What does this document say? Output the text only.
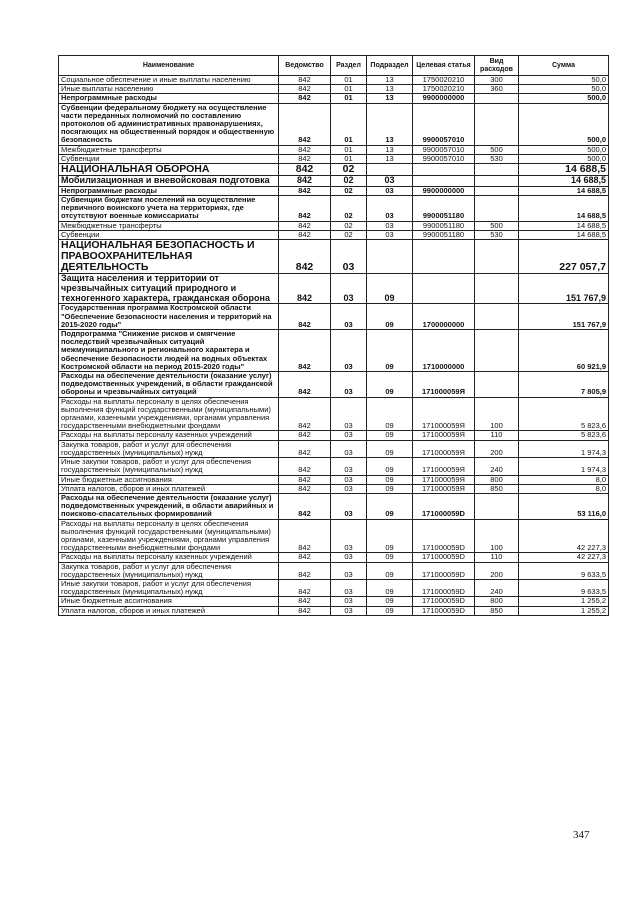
Наименование	Ведомство	Раздел	Подраздел	Целевая статья	Вид расходов	Сумма
Социальное обеспечение и иные выплаты населению	842	01	13	1750020210	300	50,0
Иные выплаты населению	842	01	13	1750020210	360	50,0
Непрограммные расходы	842	01	13	9900000000		500,0
Субвенции федеральному бюджету на осуществление части переданных полномочий по составлению протоколов об административных правонарушениях, посягающих на общественный порядок и общественную безопасность	842	01	13	9900057010		500,0
Межбюджетные трансферты	842	01	13	9900057010	500	500,0
Субвенции	842	01	13	9900057010	530	500,0
НАЦИОНАЛЬНАЯ ОБОРОНА	842	02				14 688,5
Мобилизационная и вневойсковая подготовка	842	02	03			14 688,5
Непрограммные расходы	842	02	03	9900000000		14 688,5
Субвенции бюджетам поселений на осуществление первичного воинского учета на территориях, где отсутствуют военные комиссариаты	842	02	03	9900051180		14 688,5
Межбюджетные трансферты	842	02	03	9900051180	500	14 688,5
Субвенции	842	02	03	9900051180	530	14 688,5
НАЦИОНАЛЬНАЯ БЕЗОПАСНОСТЬ И ПРАВООХРАНИТЕЛЬНАЯ ДЕЯТЕЛЬНОСТЬ	842	03				227 057,7
Защита населения и территории от чрезвычайных ситуаций природного и техногенного характера, гражданская оборона	842	03	09			151 767,9
Государственная программа Костромской области "Обеспечение безопасности населения и территорий на 2015-2020 годы"	842	03	09	1700000000		151 767,9
Подпрограмма "Снижение рисков и смягчение последствий чрезвычайных ситуаций межмуниципального и регионального характера и обеспечение безопасности людей на водных объектах Костромской области на период 2015-2020 годы"	842	03	09	1710000000		60 921,9
Расходы на обеспечение деятельности (оказание услуг) подведомственных учреждений, в области гражданской обороны и чрезвычайных ситуаций	842	03	09	171000059Я		7 805,9
Расходы на выплаты персоналу в целях обеспечения выполнения функций государственными (муниципальными) органами, казенными учреждениями, органами управления государственными внебюджетными фондами	842	03	09	171000059Я	100	5 823,6
Расходы на выплаты персоналу казенных учреждений	842	03	09	171000059Я	110	5 823,6
Закупка товаров, работ и услуг для обеспечения государственных (муниципальных) нужд	842	03	09	171000059Я	200	1 974,3
Иные закупки товаров, работ и услуг для обеспечения государственных (муниципальных) нужд	842	03	09	171000059Я	240	1 974,3
Иные бюджетные ассигнования	842	03	09	171000059Я	800	8,0
Уплата налогов, сборов и иных платежей	842	03	09	171000059Я	850	8,0
Расходы на обеспечение деятельности (оказание услуг) подведомственных учреждений, в области аварийных и поисково-спасательных формирований	842	03	09	171000059D		53 116,0
Расходы на выплаты персоналу в целях обеспечения выполнения функций государственными (муниципальными) органами, казенными учреждениями, органами управления государственными внебюджетными фондами	842	03	09	171000059D	100	42 227,3
Расходы на выплаты персоналу казенных учреждений	842	03	09	171000059D	110	42 227,3
Закупка товаров, работ и услуг для обеспечения государственных (муниципальных) нужд	842	03	09	171000059D	200	9 633,5
Иные закупки товаров, работ и услуг для обеспечения государственных (муниципальных) нужд	842	03	09	171000059D	240	9 633,5
Иные бюджетные ассигнования	842	03	09	171000059D	800	1 255,2
Уплата налогов, сборов и иных платежей	842	03	09	171000059D	850	1 255,2
347
